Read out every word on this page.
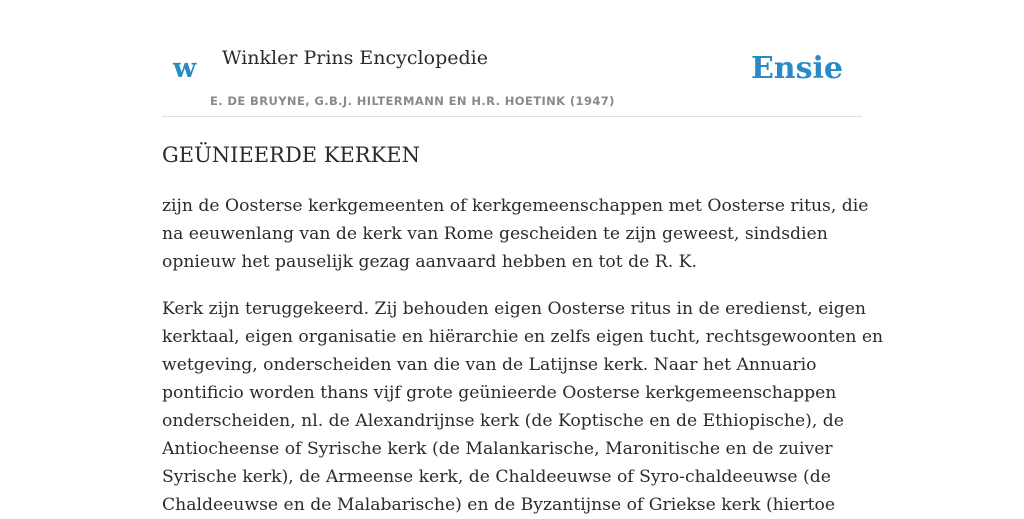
w Winkler Prins Encyclopedie
E. DE BRUYNE, G.B.J. HILTERMANN EN H.R. HOETINK (1947)
Ensie
GEÜNIEERDE KERKEN

zijn de Oosterse kerkgemeenten of kerkgemeenschappen met Oosterse ritus, die
na eeuwenlang van de kerk van Rome gescheiden te zijn geweest, sindsdien
opnieuw het pauselijk gezag aanvaard hebben en tot de R. K.

Kerk zijn teruggekeerd. Zij behouden eigen Oosterse ritus in de eredienst, eigen
kerktaal, eigen organisatie en hiërarchie en zelfs eigen tucht, rechtsgewoonten en
wetgeving, onderscheiden van die van de Latijnse kerk. Naar het Annuario
pontificio worden thans vijf grote geünieerde Oosterse kerkgemeenschappen
onderscheiden, nl. de Alexandrijnse kerk (de Koptische en de Ethiopische), de
Antiocheense of Syrische kerk (de Malankarische, Maronitische en de zuiver
Syrische kerk), de Armeense kerk, de Chaldeeuwse of Syro-chaldeeuwse (de
Chaldeeuwse en de Malabarische) en de Byzantijnse of Griekse kerk (hiertoe
